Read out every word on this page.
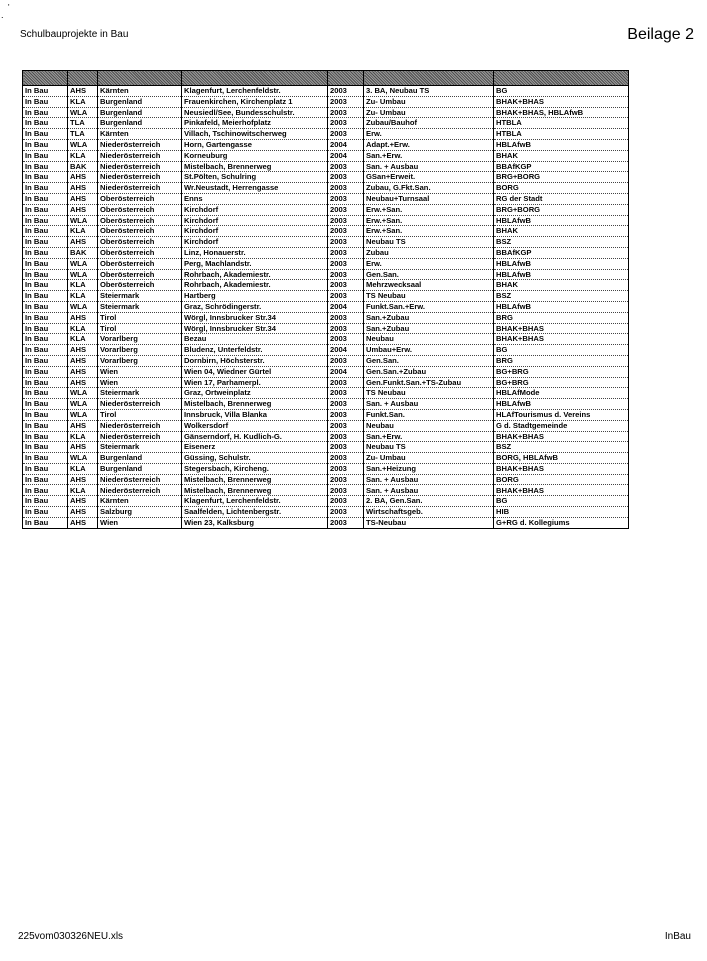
.
'
Schulbauprojekte in Bau	Beilage 2

In Bau	AHS	Kärnten	Klagenfurt, Lerchenfeldstr.	2003	3. BA, Neubau TS	BG
In Bau	KLA	Burgenland	Frauenkirchen, Kirchenplatz 1	2003	Zu- Umbau	BHAK+BHAS
In Bau	WLA	Burgenland	Neusiedl/See, Bundesschulstr.	2003	Zu- Umbau	BHAK+BHAS, HBLAfwB
In Bau	TLA	Burgenland	Pinkafeld, Meierhofplatz	2003	Zubau/Bauhof	HTBLA
In Bau	TLA	Kärnten	Villach, Tschinowitscherweg	2003	Erw.	HTBLA
In Bau	WLA	Niederösterreich	Horn, Gartengasse	2004	Adapt.+Erw.	HBLAfwB
In Bau	KLA	Niederösterreich	Korneuburg	2004	San.+Erw.	BHAK
In Bau	BAK	Niederösterreich	Mistelbach, Brennerweg	2003	San. + Ausbau	BBAfKGP
In Bau	AHS	Niederösterreich	St.Pölten, Schulring	2003	GSan+Erweit.	BRG+BORG
In Bau	AHS	Niederösterreich	Wr.Neustadt, Herrengasse	2003	Zubau, G.Fkt.San.	BORG
In Bau	AHS	Oberösterreich	Enns	2003	Neubau+Turnsaal	RG der Stadt
In Bau	AHS	Oberösterreich	Kirchdorf	2003	Erw.+San.	BRG+BORG
In Bau	WLA	Oberösterreich	Kirchdorf	2003	Erw.+San.	HBLAfwB
In Bau	KLA	Oberösterreich	Kirchdorf	2003	Erw.+San.	BHAK
In Bau	AHS	Oberösterreich	Kirchdorf	2003	Neubau TS	BSZ
In Bau	BAK	Oberösterreich	Linz, Honauerstr.	2003	Zubau	BBAfKGP
In Bau	WLA	Oberösterreich	Perg, Machlandstr.	2003	Erw.	HBLAfwB
In Bau	WLA	Oberösterreich	Rohrbach, Akademiestr.	2003	Gen.San.	HBLAfwB
In Bau	KLA	Oberösterreich	Rohrbach, Akademiestr.	2003	Mehrzwecksaal	BHAK
In Bau	KLA	Steiermark	Hartberg	2003	TS Neubau	BSZ
In Bau	WLA	Steiermark	Graz, Schrödingerstr.	2004	Funkt.San.+Erw.	HBLAfwB
In Bau	AHS	Tirol	Wörgl, Innsbrucker Str.34	2003	San.+Zubau	BRG
In Bau	KLA	Tirol	Wörgl, Innsbrucker Str.34	2003	San.+Zubau	BHAK+BHAS
In Bau	KLA	Vorarlberg	Bezau	2003	Neubau	BHAK+BHAS
In Bau	AHS	Vorarlberg	Bludenz, Unterfeldstr.	2004	Umbau+Erw.	BG
In Bau	AHS	Vorarlberg	Dornbirn, Höchsterstr.	2003	Gen.San.	BRG
In Bau	AHS	Wien	Wien 04, Wiedner Gürtel	2004	Gen.San.+Zubau	BG+BRG
In Bau	AHS	Wien	Wien 17, Parhamerpl.	2003	Gen.Funkt.San.+TS-Zubau	BG+BRG
In Bau	WLA	Steiermark	Graz, Ortweinplatz	2003	TS Neubau	HBLAfMode
In Bau	WLA	Niederösterreich	Mistelbach, Brennerweg	2003	San. + Ausbau	HBLAfwB
In Bau	WLA	Tirol	Innsbruck, Villa Blanka	2003	Funkt.San.	HLAfTourismus d. Vereins
In Bau	AHS	Niederösterreich	Wolkersdorf	2003	Neubau	G d. Stadtgemeinde
In Bau	KLA	Niederösterreich	Gänserndorf, H. Kudlich-G.	2003	San.+Erw.	BHAK+BHAS
In Bau	AHS	Steiermark	Eisenerz	2003	Neubau TS	BSZ
In Bau	WLA	Burgenland	Güssing, Schulstr.	2003	Zu- Umbau	BORG, HBLAfwB
In Bau	KLA	Burgenland	Stegersbach, Kircheng.	2003	San.+Heizung	BHAK+BHAS
In Bau	AHS	Niederösterreich	Mistelbach, Brennerweg	2003	San. + Ausbau	BORG
In Bau	KLA	Niederösterreich	Mistelbach, Brennerweg	2003	San. + Ausbau	BHAK+BHAS
In Bau	AHS	Kärnten	Klagenfurt, Lerchenfeldstr.	2003	2. BA, Gen.San.	BG
In Bau	AHS	Salzburg	Saalfelden, Lichtenbergstr.	2003	Wirtschaftsgeb.	HIB
In Bau	AHS	Wien	Wien 23, Kalksburg	2003	TS-Neubau	G+RG d. Kollegiums
225vom030326NEU.xls	InBau
